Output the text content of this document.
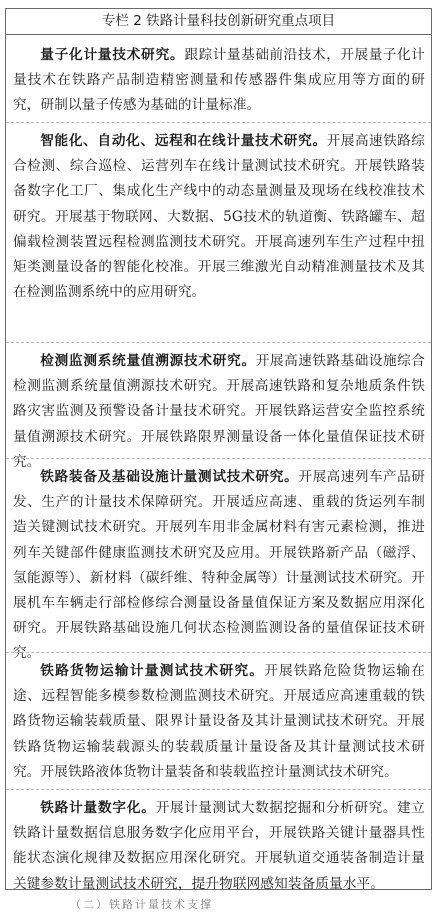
专栏 2 铁路计量科技创新研究重点项目

量子化计量技术研究。跟踪计量基础前沿技术，开展量子化计量技术在铁路产品制造精密测量和传感器件集成应用等方面的研究，研制以量子传感为基础的计量标准。

智能化、自动化、远程和在线计量技术研究。开展高速铁路综合检测、综合巡检、运营列车在线计量测试技术研究。开展铁路装备数字化工厂、集成化生产线中的动态量测量及现场在线校准技术研究。开展基于物联网、大数据、5G技术的轨道衡、铁路罐车、超偏载检测装置远程检测监测技术研究。开展高速列车生产过程中扭矩类测量设备的智能化校准。开展三维激光自动精准测量技术及其在检测监测系统中的应用研究。

检测监测系统量值溯源技术研究。开展高速铁路基础设施综合检测监测系统量值溯源技术研究。开展高速铁路和复杂地质条件铁路灾害监测及预警设备计量技术研究。开展铁路运营安全监控系统量值溯源技术研究。开展铁路限界测量设备一体化量值保证技术研究。

铁路装备及基础设施计量测试技术研究。开展高速列车产品研发、生产的计量技术保障研究。开展适应高速、重载的货运列车制造关键测试技术研究。开展列车用非金属材料有害元素检测，推进列车关键部件健康监测技术研究及应用。开展铁路新产品（磁浮、氢能源等）、新材料（碳纤维、特种金属等）计量测试技术研究。开展机车车辆走行部检修综合测量设备量值保证方案及数据应用深化研究。开展铁路基础设施几何状态检测监测设备的量值保证技术研究。

铁路货物运输计量测试技术研究。开展铁路危险货物运输在途、远程智能多模参数检测监测技术研究。开展适应高速重载的铁路货物运输装载质量、限界计量设备及其计量测试技术研究。开展铁路货物运输装载源头的装载质量计量设备及其计量测试技术研究。开展铁路液体货物计量装备和装载监控计量测试技术研究。

铁路计量数字化。开展计量测试大数据挖掘和分析研究。建立铁路计量数据信息服务数字化应用平台，开展铁路关键计量器具性能状态演化规律及数据应用深化研究。开展轨道交通装备制造计量关键参数计量测试技术研究，提升物联网感知装备质量水平。

（二）铁路计量技术支撑
